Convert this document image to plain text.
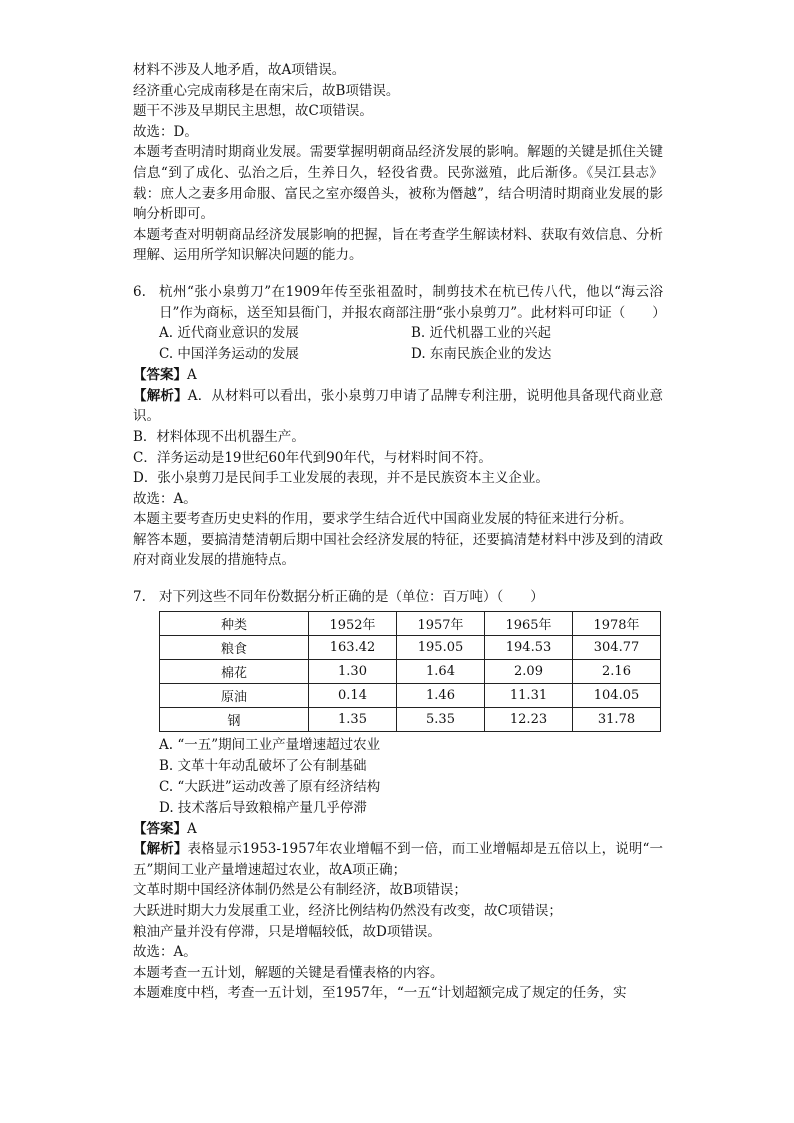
材料不涉及人地矛盾，故A项错误。
经济重心完成南移是在南宋后，故B项错误。
题干不涉及早期民主思想，故C项错误。
故选：D。
本题考查明清时期商业发展。需要掌握明朝商品经济发展的影响。解题的关键是抓住关键信息“到了成化、弘治之后，生养日久，轻役省费。民弥滋殖，此后渐侈。《吴江县志》载：庶人之妻多用命服、富民之室亦缀兽头，被称为僭越”，结合明清时期商业发展的影响分析即可。
本题考查对明朝商品经济发展影响的把握，旨在考查学生解读材料、获取有效信息、分析理解、运用所学知识解决问题的能力。
6. 杭州“张小泉剪刀”在1909年传至张祖盈时，制剪技术在杭已传八代，他以“海云浴日”作为商标，送至知县衙门，并报农商部注册“张小泉剪刀”。此材料可印证（　　）
A. 近代商业意识的发展	B. 近代机器工业的兴起
C. 中国洋务运动的发展	D. 东南民族企业的发达
【答案】A
【解析】A．从材料可以看出，张小泉剪刀申请了品牌专利注册，说明他具备现代商业意识。
B．材料体现不出机器生产。
C．洋务运动是19世纪60年代到90年代，与材料时间不符。
D．张小泉剪刀是民间手工业发展的表现，并不是民族资本主义企业。
故选：A。
本题主要考查历史史料的作用，要求学生结合近代中国商业发展的特征来进行分析。
解答本题，要搞清楚清朝后期中国社会经济发展的特征，还要搞清楚材料中涉及到的清政府对商业发展的措施特点。
7. 对下列这些不同年份数据分析正确的是（单位：百万吨）（　　）
种类	1952年	1957年	1965年	1978年
粮食	163.42	195.05	194.53	304.77
棉花	1.30	1.64	2.09	2.16
原油	0.14	1.46	11.31	104.05
钢	1.35	5.35	12.23	31.78
A. “一五”期间工业产量增速超过农业
B. 文革十年动乱破坏了公有制基础
C. “大跃进”运动改善了原有经济结构
D. 技术落后导致粮棉产量几乎停滞
【答案】A
【解析】表格显示1953-1957年农业增幅不到一倍，而工业增幅却是五倍以上，说明“一五”期间工业产量增速超过农业，故A项正确；
文革时期中国经济体制仍然是公有制经济，故B项错误；
大跃进时期大力发展重工业，经济比例结构仍然没有改变，故C项错误；
粮油产量并没有停滞，只是增幅较低，故D项错误。
故选：A。
本题考查一五计划，解题的关键是看懂表格的内容。
本题难度中档，考查一五计划，至1957年，“一五“计划超额完成了规定的任务，实
